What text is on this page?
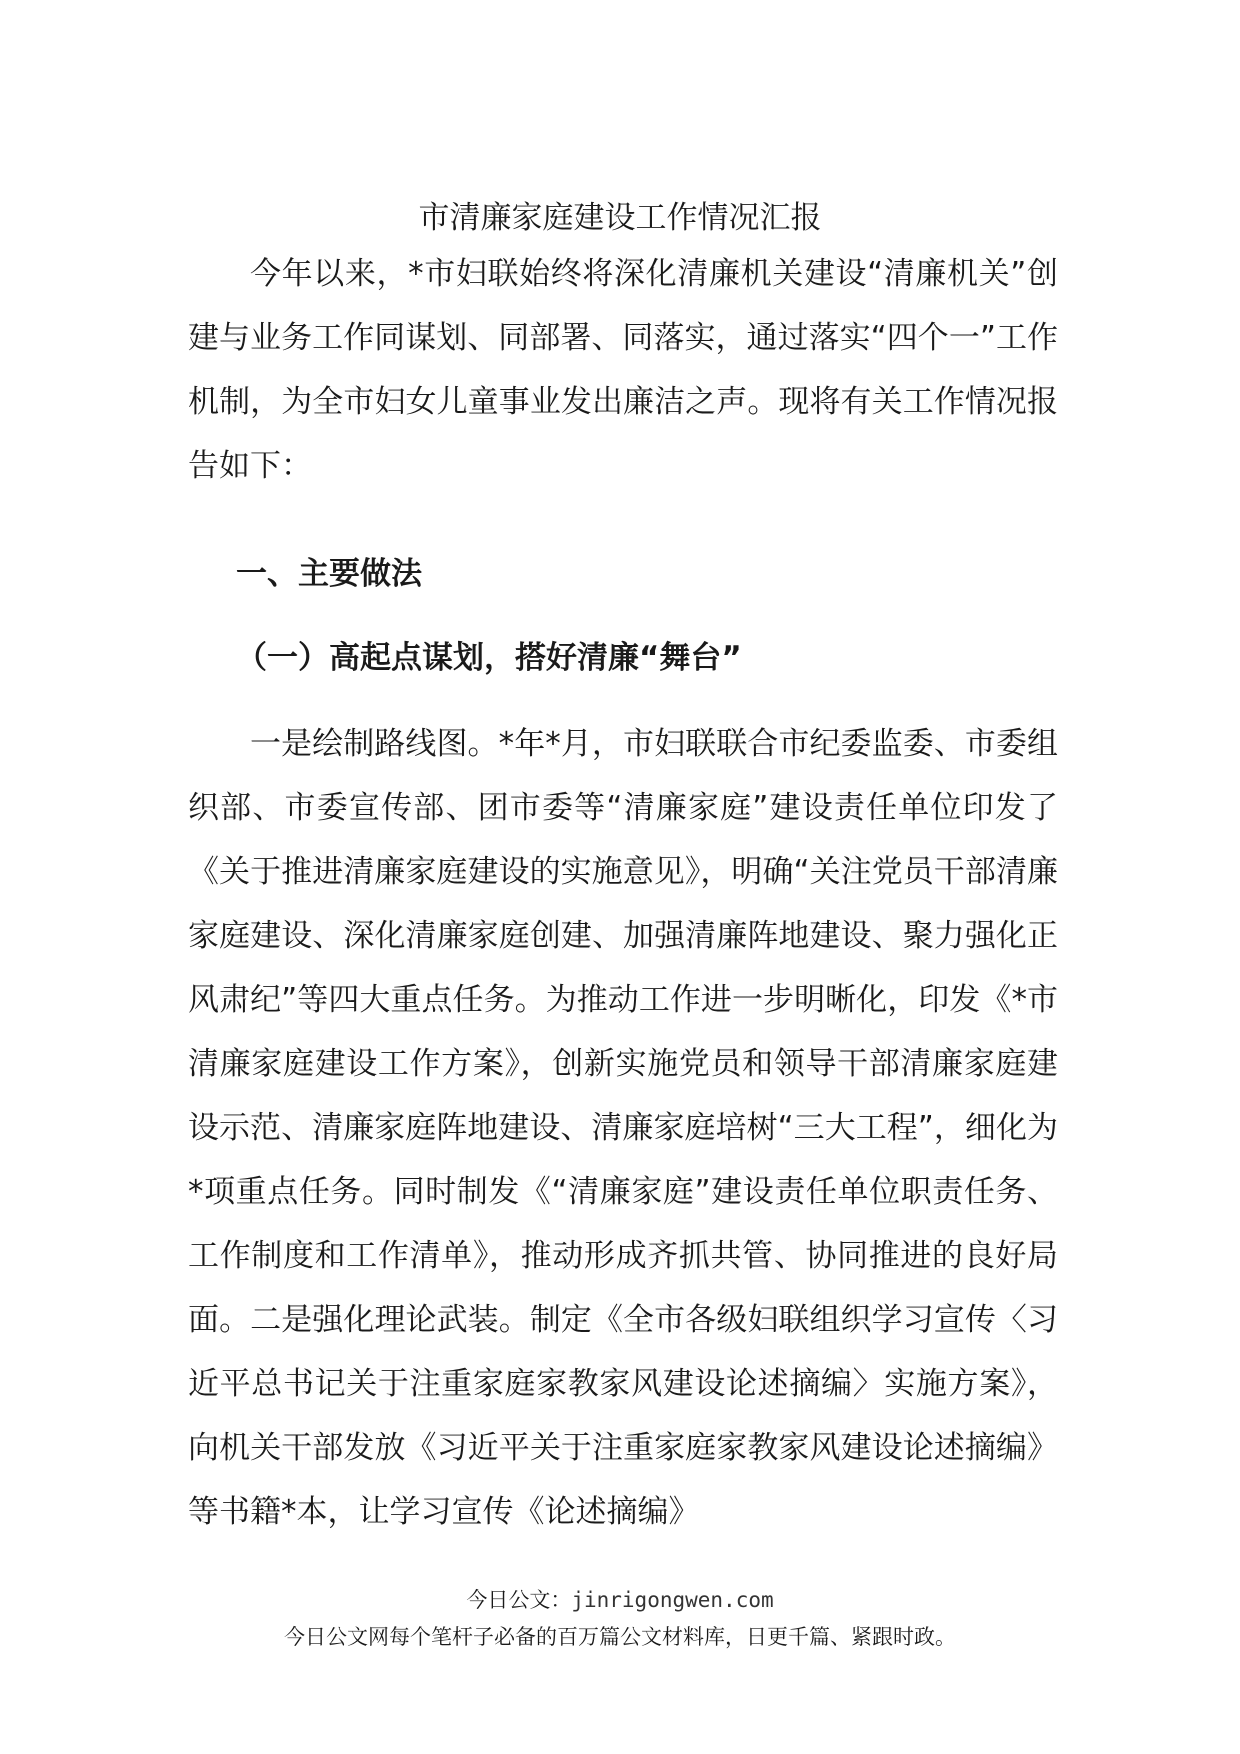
市清廉家庭建设工作情况汇报

今年以来，*市妇联始终将深化清廉机关建设“清廉机关”创建与业务工作同谋划、同部署、同落实，通过落实“四个一”工作机制，为全市妇女儿童事业发出廉洁之声。现将有关工作情况报告如下：

一、主要做法
（一）高起点谋划，搭好清廉“舞台”

一是绘制路线图。*年*月，市妇联联合市纪委监委、市委组织部、市委宣传部、团市委等“清廉家庭”建设责任单位印发了《关于推进清廉家庭建设的实施意见》，明确“关注党员干部清廉家庭建设、深化清廉家庭创建、加强清廉阵地建设、聚力强化正风肃纪”等四大重点任务。为推动工作进一步明晰化，印发《*市清廉家庭建设工作方案》，创新实施党员和领导干部清廉家庭建设示范、清廉家庭阵地建设、清廉家庭培树“三大工程”，细化为*项重点任务。同时制发《“清廉家庭”建设责任单位职责任务、工作制度和工作清单》，推动形成齐抓共管、协同推进的良好局面。二是强化理论武装。制定《全市各级妇联组织学习宣传〈习近平总书记关于注重家庭家教家风建设论述摘编〉实施方案》，向机关干部发放《习近平关于注重家庭家教家风建设论述摘编》等书籍*本，让学习宣传《论述摘编》

今日公文：jinrigongwen.com
今日公文网每个笔杆子必备的百万篇公文材料库，日更千篇、紧跟时政。
